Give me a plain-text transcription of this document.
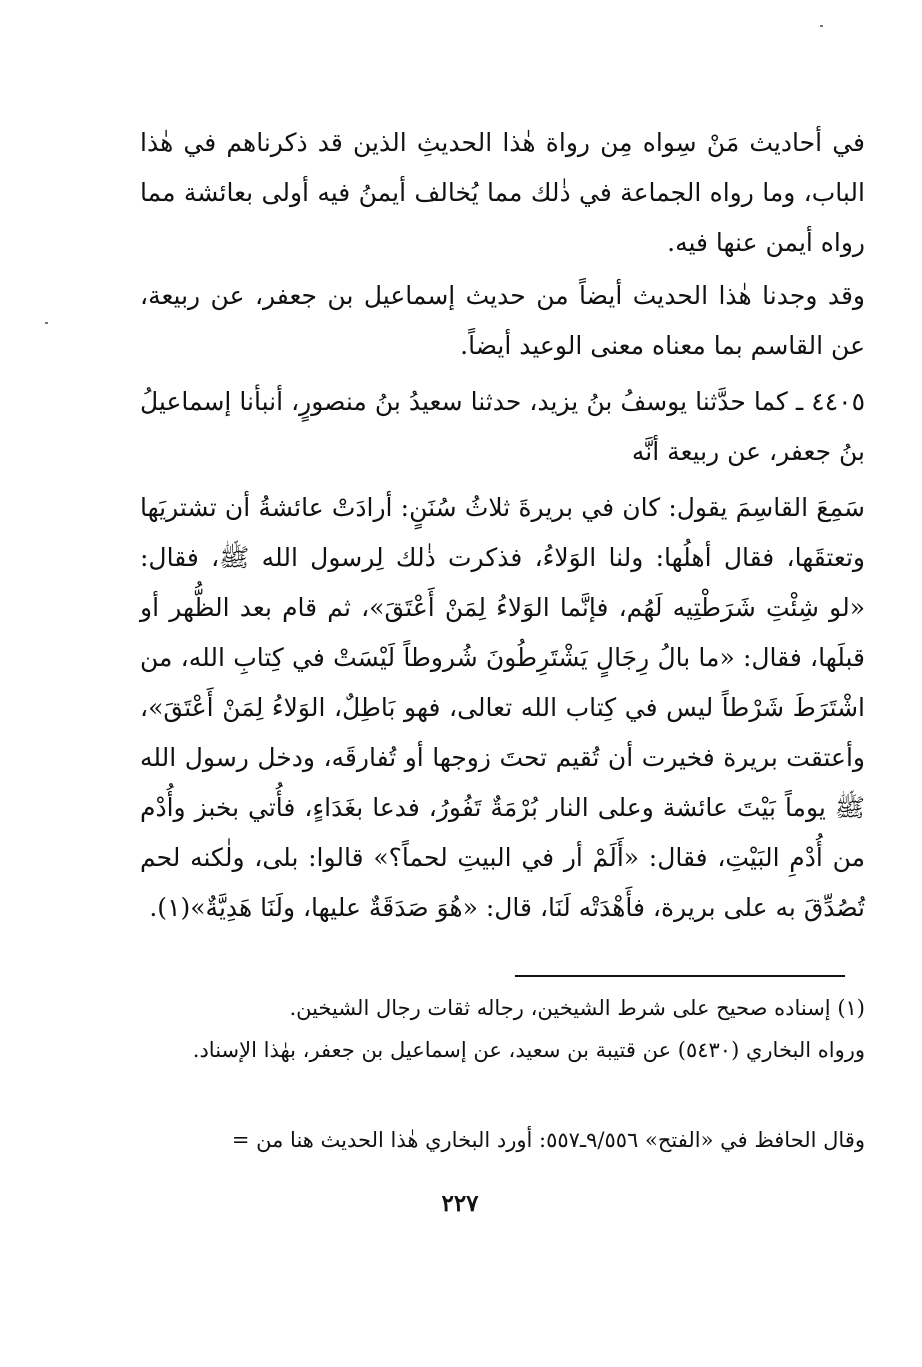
في أحاديث مَنْ سِواه مِن رواة هٰذا الحديثِ الذين قد ذكرناهم في هٰذا الباب، وما رواه الجماعة في ذٰلك مما يُخالف أيمنُ فيه أولى بعائشة مما رواه أيمن عنها فيه.

وقد وجدنا هٰذا الحديث أيضاً من حديث إسماعيل بن جعفر، عن ربيعة، عن القاسم بما معناه معنى الوعيد أيضاً.

٤٤٠٥ ـ كما حدَّثنا يوسفُ بنُ يزيد، حدثنا سعيدُ بنُ منصورٍ، أنبأنا إسماعيلُ بنُ جعفر، عن ربيعة أنَّه

سَمِعَ القاسِمَ يقول: كان في بريرةَ ثلاثُ سُنَنٍ: أرادَتْ عائشةُ أن تشتريَها وتعتقَها، فقال أهلُها: ولنا الوَلاءُ، فذكرت ذٰلك لِرسول الله ﷺ، فقال: «لو شِئْتِ شَرَطْتِيه لَهُم، فإنَّما الوَلاءُ لِمَنْ أَعْتَقَ»، ثم قام بعد الظُّهر أو قبلَها، فقال: «ما بالُ رِجَالٍ يَشْتَرِطُونَ شُروطاً لَيْسَتْ في كِتابِ الله، من اشْتَرَطَ شَرْطاً ليس في كِتاب الله تعالى، فهو بَاطِلٌ، الوَلاءُ لِمَنْ أَعْتَقَ»، وأعتقت بريرة فخيرت أن تُقيم تحتَ زوجها أو تُفارقَه، ودخل رسول الله ﷺ يوماً بَيْتَ عائشة وعلى النار بُرْمَةٌ تَفُورُ، فدعا بغَدَاءٍ، فأُتي بخبز وأُدْم من أُدْمِ البَيْتِ، فقال: «أَلَمْ أر في البيتِ لحماً؟» قالوا: بلى، ولٰكنه لحم تُصُدِّقَ به على بريرة، فأَهْدَتْه لَنَا، قال: «هُوَ صَدَقَةٌ عليها، ولَنَا هَدِيَّةٌ»(١).

(١) إسناده صحيح على شرط الشيخين، رجاله ثقات رجال الشيخين.

ورواه البخاري (٥٤٣٠) عن قتيبة بن سعيد، عن إسماعيل بن جعفر، بهٰذا الإسناد.

وقال الحافظ في «الفتح» ٩/٥٥٦ـ٥٥٧: أورد البخاري هٰذا الحديث هنا من =

٢٢٧
